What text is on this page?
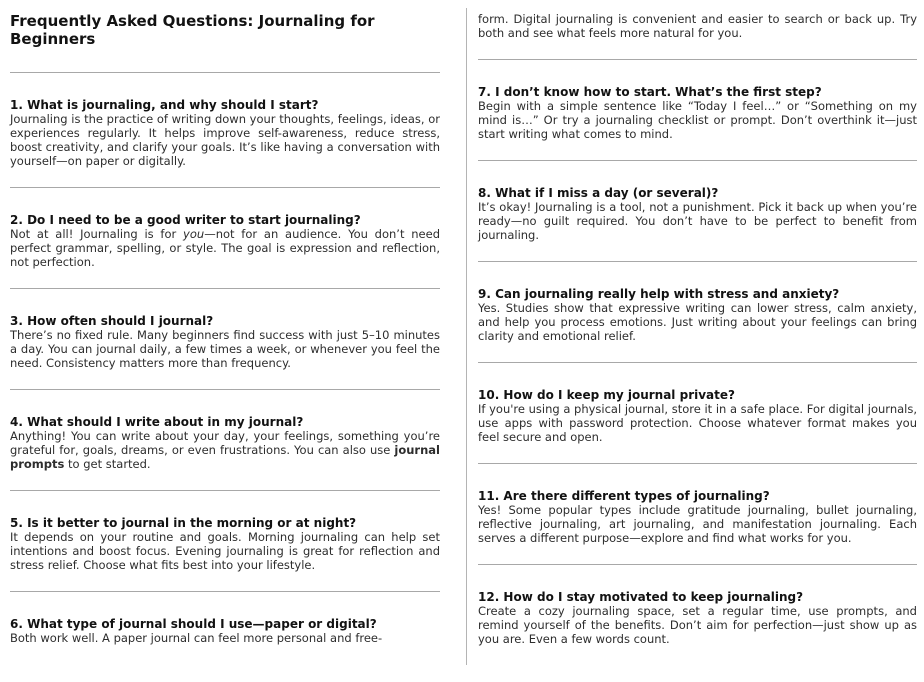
Frequently Asked Questions: Journaling for Beginners
1. What is journaling, and why should I start?

Journaling is the practice of writing down your thoughts, feelings, ideas, or experiences regularly. It helps improve self-awareness, reduce stress, boost creativity, and clarify your goals. It’s like having a conversation with yourself—on paper or digitally.

2. Do I need to be a good writer to start journaling?

Not at all! Journaling is for you—not for an audience. You don’t need perfect grammar, spelling, or style. The goal is expression and reflection, not perfection.

3. How often should I journal?

There’s no fixed rule. Many beginners find success with just 5–10 minutes a day. You can journal daily, a few times a week, or whenever you feel the need. Consistency matters more than frequency.

4. What should I write about in my journal?

Anything! You can write about your day, your feelings, something you’re grateful for, goals, dreams, or even frustrations. You can also use journal prompts to get started.

5. Is it better to journal in the morning or at night?

It depends on your routine and goals. Morning journaling can help set intentions and boost focus. Evening journaling is great for reflection and stress relief. Choose what fits best into your lifestyle.

6. What type of journal should I use—paper or digital?

Both work well. A paper journal can feel more personal and free-

form. Digital journaling is convenient and easier to search or back up. Try both and see what feels more natural for you.

7. I don’t know how to start. What’s the first step?

Begin with a simple sentence like “Today I feel…” or “Something on my mind is…” Or try a journaling checklist or prompt. Don’t overthink it—just start writing what comes to mind.

8. What if I miss a day (or several)?

It’s okay! Journaling is a tool, not a punishment. Pick it back up when you’re ready—no guilt required. You don’t have to be perfect to benefit from journaling.

9. Can journaling really help with stress and anxiety?

Yes. Studies show that expressive writing can lower stress, calm anxiety, and help you process emotions. Just writing about your feelings can bring clarity and emotional relief.

10. How do I keep my journal private?

If you're using a physical journal, store it in a safe place. For digital journals, use apps with password protection. Choose whatever format makes you feel secure and open.

11. Are there different types of journaling?

Yes! Some popular types include gratitude journaling, bullet journaling, reflective journaling, art journaling, and manifestation journaling. Each serves a different purpose—explore and find what works for you.

12. How do I stay motivated to keep journaling?

Create a cozy journaling space, set a regular time, use prompts, and remind yourself of the benefits. Don’t aim for perfection—just show up as you are. Even a few words count.
